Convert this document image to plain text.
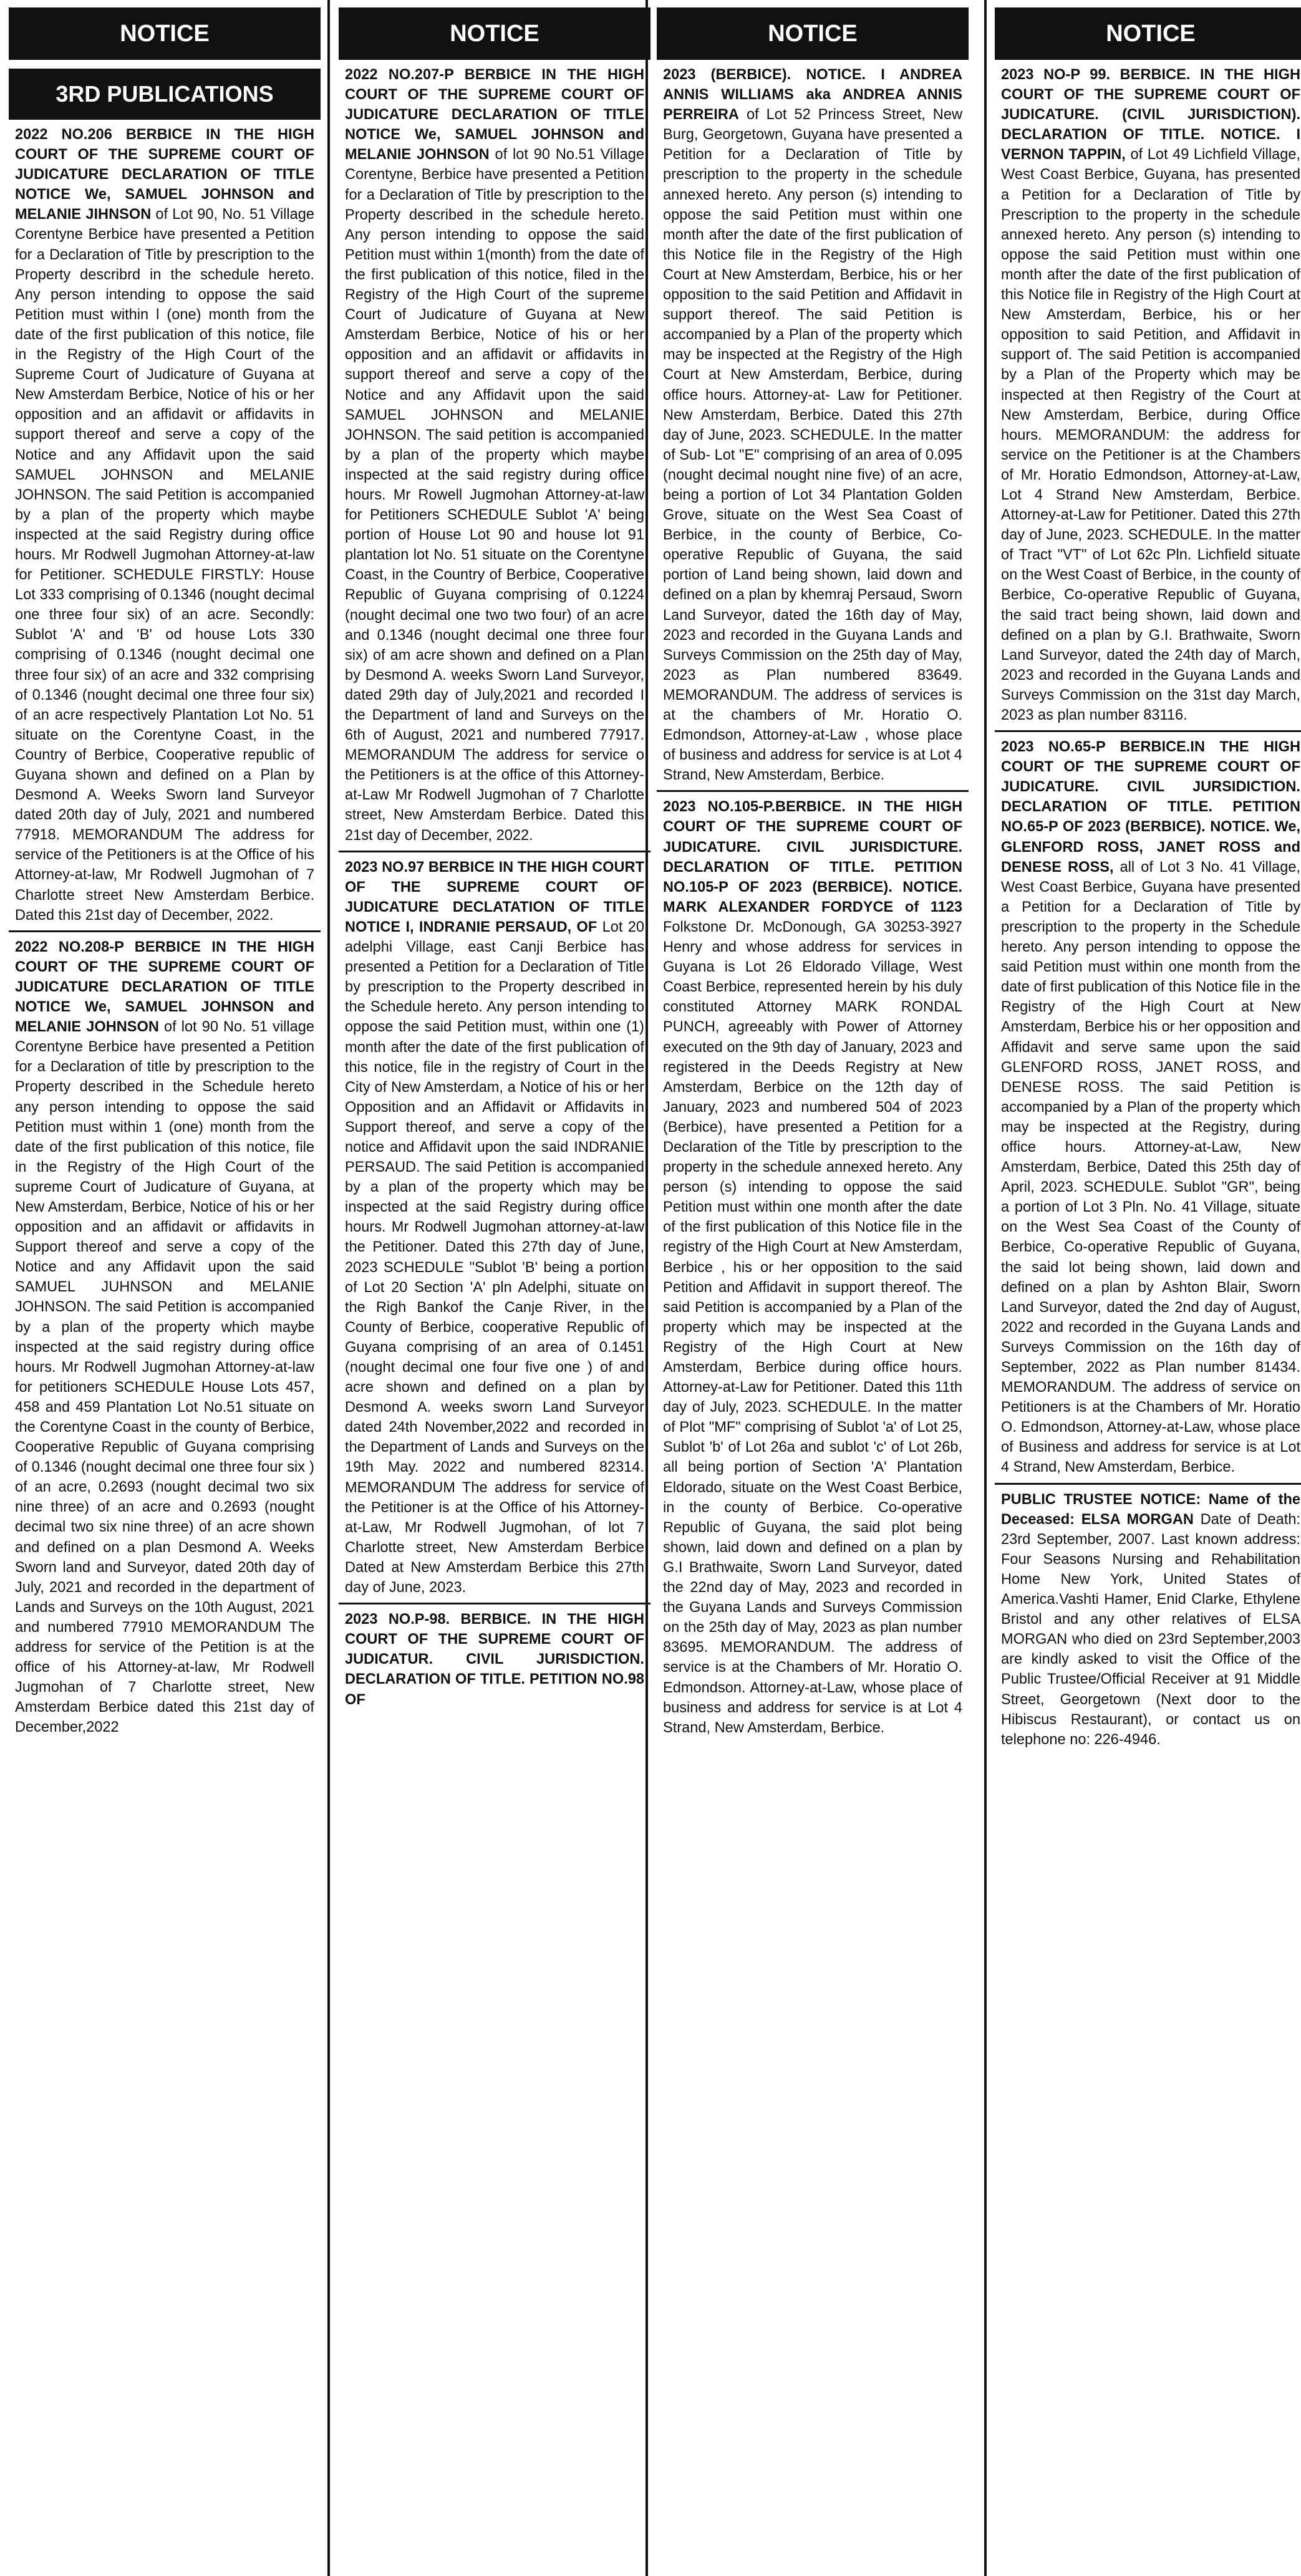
NOTICE
3RD PUBLICATIONS
2022 NO.206 BERBICE IN THE HIGH COURT OF THE SUPREME COURT OF JUDICATURE DECLARATION OF TITLE NOTICE We, SAMUEL JOHNSON and MELANIE JIHNSON of Lot 90, No. 51 Village Corentyne Berbice have presented a Petition for a Declaration of Title by prescription to the Property describrd in the schedule hereto. Any person intending to oppose the said Petition must within l (one) month from the date of the first publication of this notice, file in the Registry of the High Court of the Supreme Court of Judicature of Guyana at New Amsterdam Berbice, Notice of his or her opposition and an affidavit or affidavits in support thereof and serve a copy of the Notice and any Affidavit upon the said SAMUEL JOHNSON and MELANIE JOHNSON. The said Petition is accompanied by a plan of the property which maybe inspected at the said Registry during office hours. Mr Rodwell Jugmohan Attorney-at-law for Petitioner. SCHEDULE FIRSTLY: House Lot 333 comprising of 0.1346 (nought decimal one three four six) of an acre. Secondly: Sublot 'A' and 'B' od house Lots 330 comprising of 0.1346 (nought decimal one three four six) of an acre and 332 comprising of 0.1346 (nought decimal one three four six) of an acre respectively Plantation Lot No. 51 situate on the Corentyne Coast, in the Country of Berbice, Cooperative republic of Guyana shown and defined on a Plan by Desmond A. Weeks Sworn land Surveyor dated 20th day of July, 2021 and numbered 77918. MEMORANDUM The address for service of the Petitioners is at the Office of his Attorney-at-law, Mr Rodwell Jugmohan of 7 Charlotte street New Amsterdam Berbice. Dated this 21st day of December, 2022.
2022 NO.208-P BERBICE IN THE HIGH COURT OF THE SUPREME COURT OF JUDICATURE DECLARATION OF TITLE NOTICE We, SAMUEL JOHNSON and MELANIE JOHNSON of lot 90 No. 51 village Corentyne Berbice have presented a Petition for a Declaration of title by prescription to the Property described in the Schedule hereto any person intending to oppose the said Petition must within 1 (one) month from the date of the first publication of this notice, file in the Registry of the High Court of the supreme Court of Judicature of Guyana, at New Amsterdam, Berbice, Notice of his or her opposition and an affidavit or affidavits in Support thereof and serve a copy of the Notice and any Affidavit upon the said SAMUEL JUHNSON and MELANIE JOHNSON. The said Petition is accompanied by a plan of the property which maybe inspected at the said registry during office hours. Mr Rodwell Jugmohan Attorney-at-law for petitioners SCHEDULE House Lots 457, 458 and 459 Plantation Lot No.51 situate on the Corentyne Coast in the county of Berbice, Cooperative Republic of Guyana comprising of 0.1346 (nought decimal one three four six ) of an acre, 0.2693 (nought decimal two six nine three) of an acre and 0.2693 (nought decimal two six nine three) of an acre shown and defined on a plan Desmond A. Weeks Sworn land and Surveyor, dated 20th day of July, 2021 and recorded in the department of Lands and Surveys on the 10th August, 2021 and numbered 77910 MEMORANDUM The address for service of the Petition is at the office of his Attorney-at-law, Mr Rodwell Jugmohan of 7 Charlotte street, New Amsterdam Berbice dated this 21st day of December,2022
NOTICE
2022 NO.207-P BERBICE IN THE HIGH COURT OF THE SUPREME COURT OF JUDICATURE DECLARATION OF TITLE NOTICE We, SAMUEL JOHNSON and MELANIE JOHNSON of lot 90 No.51 Village Corentyne, Berbice have presented a Petition for a Declaration of Title by prescription to the Property described in the schedule hereto. Any person intending to oppose the said Petition must within 1(month) from the date of the first publication of this notice, filed in the Registry of the High Court of the supreme Court of Judicature of Guyana at New Amsterdam Berbice, Notice of his or her opposition and an affidavit or affidavits in support thereof and serve a copy of the Notice and any Affidavit upon the said SAMUEL JOHNSON and MELANIE JOHNSON. The said petition is accompanied by a plan of the property which maybe inspected at the said registry during office hours. Mr Rowell Jugmohan Attorney-at-law for Petitioners SCHEDULE Sublot 'A' being portion of House Lot 90 and house lot 91 plantation lot No. 51 situate on the Corentyne Coast, in the Country of Berbice, Cooperative Republic of Guyana comprising of 0.1224 (nought decimal one two two four) of an acre and 0.1346 (nought decimal one three four six) of am acre shown and defined on a Plan by Desmond A. weeks Sworn Land Surveyor, dated 29th day of July,2021 and recorded I the Department of land and Surveys on the 6th of August, 2021 and numbered 77917. MEMORANDUM The address for service o the Petitioners is at the office of this Attorney-at-Law Mr Rodwell Jugmohan of 7 Charlotte street, New Amsterdam Berbice. Dated this 21st day of December, 2022.
2023 NO.97 BERBICE IN THE HIGH COURT OF THE SUPREME COURT OF JUDICATURE DECLATATION OF TITLE NOTICE I, INDRANIE PERSAUD, OF Lot 20 adelphi Village, east Canji Berbice has presented a Petition for a Declaration of Title by prescription to the Property described in the Schedule hereto. Any person intending to oppose the said Petition must, within one (1) month after the date of the first publication of this notice, file in the registry of Court in the City of New Amsterdam, a Notice of his or her Opposition and an Affidavit or Affidavits in Support thereof, and serve a copy of the notice and Affidavit upon the said INDRANIE PERSAUD. The said Petition is accompanied by a plan of the property which may be inspected at the said Registry during office hours. Mr Rodwell Jugmohan attorney-at-law the Petitioner. Dated this 27th day of June, 2023 SCHEDULE "Sublot 'B' being a portion of Lot 20 Section 'A' pln Adelphi, situate on the Righ Bankof the Canje River, in the County of Berbice, cooperative Republic of Guyana comprising of an area of 0.1451 (nought decimal one four five one ) of and acre shown and defined on a plan by Desmond A. weeks sworn Land Surveyor dated 24th November,2022 and recorded in the Department of Lands and Surveys on the 19th May. 2022 and numbered 82314. MEMORANDUM The address for service of the Petitioner is at the Office of his Attorney-at-Law, Mr Rodwell Jugmohan, of lot 7 Charlotte street, New Amsterdam Berbice Dated at New Amsterdam Berbice this 27th day of June, 2023.
2023 NO.P-98. BERBICE. IN THE HIGH COURT OF THE SUPREME COURT OF JUDICATUR. CIVIL JURISDICTION. DECLARATION OF TITLE. PETITION NO.98 OF
NOTICE
2023 (BERBICE). NOTICE. I ANDREA ANNIS WILLIAMS aka ANDREA ANNIS PERREIRA of Lot 52 Princess Street, New Burg, Georgetown, Guyana have presented a Petition for a Declaration of Title by prescription to the property in the schedule annexed hereto. Any person (s) intending to oppose the said Petition must within one month after the date of the first publication of this Notice file in the Registry of the High Court at New Amsterdam, Berbice, his or her opposition to the said Petition and Affidavit in support thereof. The said Petition is accompanied by a Plan of the property which may be inspected at the Registry of the High Court at New Amsterdam, Berbice, during office hours. Attorney-at- Law for Petitioner. New Amsterdam, Berbice. Dated this 27th day of June, 2023. SCHEDULE. In the matter of Sub- Lot "E" comprising of an area of 0.095 (nought decimal nought nine five) of an acre, being a portion of Lot 34 Plantation Golden Grove, situate on the West Sea Coast of Berbice, in the county of Berbice, Co-operative Republic of Guyana, the said portion of Land being shown, laid down and defined on a plan by khemraj Persaud, Sworn Land Surveyor, dated the 16th day of May, 2023 and recorded in the Guyana Lands and Surveys Commission on the 25th day of May, 2023 as Plan numbered 83649. MEMORANDUM. The address of services is at the chambers of Mr. Horatio O. Edmondson, Attorney-at-Law , whose place of business and address for service is at Lot 4 Strand, New Amsterdam, Berbice.
2023 NO.105-P.BERBICE. IN THE HIGH COURT OF THE SUPREME COURT OF JUDICATURE. CIVIL JURISDICTURE. DECLARATION OF TITLE. PETITION NO.105-P OF 2023 (BERBICE). NOTICE. MARK ALEXANDER FORDYCE of 1123 Folkstone Dr. McDonough, GA 30253-3927 Henry and whose address for services in Guyana is Lot 26 Eldorado Village, West Coast Berbice, represented herein by his duly constituted Attorney MARK RONDAL PUNCH, agreeably with Power of Attorney executed on the 9th day of January, 2023 and registered in the Deeds Registry at New Amsterdam, Berbice on the 12th day of January, 2023 and numbered 504 of 2023 (Berbice), have presented a Petition for a Declaration of the Title by prescription to the property in the schedule annexed hereto. Any person (s) intending to oppose the said Petition must within one month after the date of the first publication of this Notice file in the registry of the High Court at New Amsterdam, Berbice , his or her opposition to the said Petition and Affidavit in support thereof. The said Petition is accompanied by a Plan of the property which may be inspected at the Registry of the High Court at New Amsterdam, Berbice during office hours. Attorney-at-Law for Petitioner. Dated this 11th day of July, 2023. SCHEDULE. In the matter of Plot "MF" comprising of Sublot 'a' of Lot 25, Sublot 'b' of Lot 26a and sublot 'c' of Lot 26b, all being portion of Section 'A' Plantation Eldorado, situate on the West Coast Berbice, in the county of Berbice. Co-operative Republic of Guyana, the said plot being shown, laid down and defined on a plan by G.I Brathwaite, Sworn Land Surveyor, dated the 22nd day of May, 2023 and recorded in the Guyana Lands and Surveys Commission on the 25th day of May, 2023 as plan number 83695. MEMORANDUM. The address of service is at the Chambers of Mr. Horatio O. Edmondson. Attorney-at-Law, whose place of business and address for service is at Lot 4 Strand, New Amsterdam, Berbice.
NOTICE
2023 NO-P 99. BERBICE. IN THE HIGH COURT OF THE SUPREME COURT OF JUDICATURE. (CIVIL JURISDICTION). DECLARATION OF TITLE. NOTICE. I VERNON TAPPIN, of Lot 49 Lichfield Village, West Coast Berbice, Guyana, has presented a Petition for a Declaration of Title by Prescription to the property in the schedule annexed hereto. Any person (s) intending to oppose the said Petition must within one month after the date of the first publication of this Notice file in Registry of the High Court at New Amsterdam, Berbice, his or her opposition to said Petition, and Affidavit in support of. The said Petition is accompanied by a Plan of the Property which may be inspected at then Registry of the Court at New Amsterdam, Berbice, during Office hours. MEMORANDUM: the address for service on the Petitioner is at the Chambers of Mr. Horatio Edmondson, Attorney-at-Law, Lot 4 Strand New Amsterdam, Berbice. Attorney-at-Law for Petitioner. Dated this 27th day of June, 2023. SCHEDULE. In the matter of Tract "VT" of Lot 62c Pln. Lichfield situate on the West Coast of Berbice, in the county of Berbice, Co-operative Republic of Guyana, the said tract being shown, laid down and defined on a plan by G.I. Brathwaite, Sworn Land Surveyor, dated the 24th day of March, 2023 and recorded in the Guyana Lands and Surveys Commission on the 31st day March, 2023 as plan number 83116.
2023 NO.65-P BERBICE.IN THE HIGH COURT OF THE SUPREME COURT OF JUDICATURE. CIVIL JURSIDICTION. DECLARATION OF TITLE. PETITION NO.65-P OF 2023 (BERBICE). NOTICE. We, GLENFORD ROSS, JANET ROSS and DENESE ROSS, all of Lot 3 No. 41 Village, West Coast Berbice, Guyana have presented a Petition for a Declaration of Title by prescription to the property in the Schedule hereto. Any person intending to oppose the said Petition must within one month from the date of first publication of this Notice file in the Registry of the High Court at New Amsterdam, Berbice his or her opposition and Affidavit and serve same upon the said GLENFORD ROSS, JANET ROSS, and DENESE ROSS. The said Petition is accompanied by a Plan of the property which may be inspected at the Registry, during office hours. Attorney-at-Law, New Amsterdam, Berbice, Dated this 25th day of April, 2023. SCHEDULE. Sublot "GR", being a portion of Lot 3 Pln. No. 41 Village, situate on the West Sea Coast of the County of Berbice, Co-operative Republic of Guyana, the said lot being shown, laid down and defined on a plan by Ashton Blair, Sworn Land Surveyor, dated the 2nd day of August, 2022 and recorded in the Guyana Lands and Surveys Commission on the 16th day of September, 2022 as Plan number 81434. MEMORANDUM. The address of service on Petitioners is at the Chambers of Mr. Horatio O. Edmondson, Attorney-at-Law, whose place of Business and address for service is at Lot 4 Strand, New Amsterdam, Berbice.
PUBLIC TRUSTEE NOTICE: Name of the Deceased: ELSA MORGAN Date of Death: 23rd September, 2007. Last known address: Four Seasons Nursing and Rehabilitation Home New York, United States of America.Vashti Hamer, Enid Clarke, Ethylene Bristol and any other relatives of ELSA MORGAN who died on 23rd September,2003 are kindly asked to visit the Office of the Public Trustee/Official Receiver at 91 Middle Street, Georgetown (Next door to the Hibiscus Restaurant), or contact us on telephone no: 226-4946.
